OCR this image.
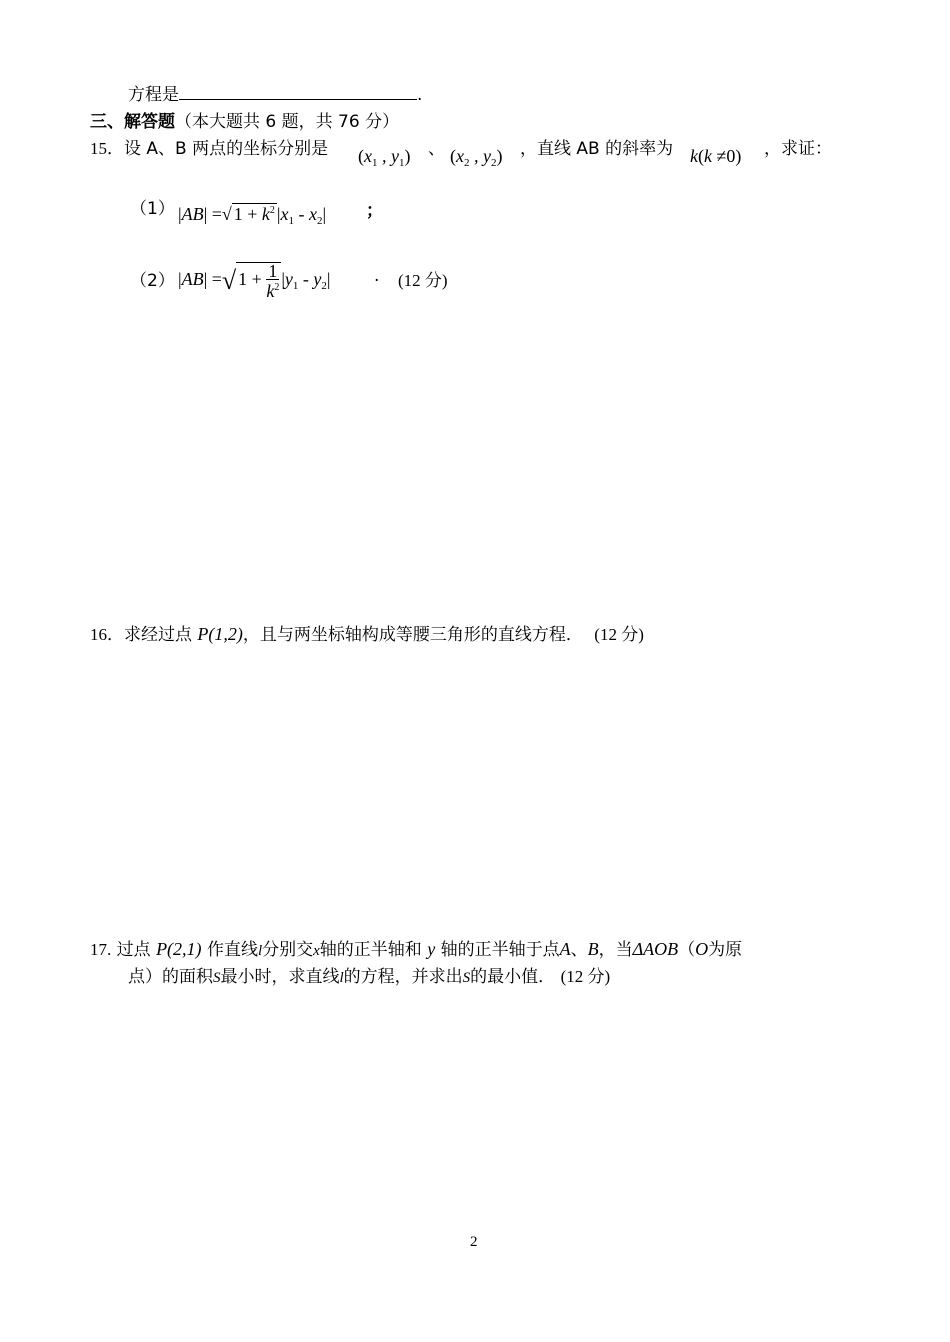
方程是	.
三、解答题（本大题共 6 题，共 76 分）
15．设 A、B 两点的坐标分别是 ($x_1$ , $y_1$) 、 ($x_2$ , $y_2$) ，直线 AB 的斜率为 k(k ≠0) ，求证：
（1） |AB| =√ $1 + k^2$ $|x_1 - x_2|$ ；
（2） |AB| =√ $1 + \frac{1}{k^2} |y_1 - y_2|$	. (12 分)
16．求经过点 P(1,2)，且与两坐标轴构成等腰三角形的直线方程． (12 分)
17. 过点 P(2,1) 作直线l分别交x轴的正半轴和 y 轴的正半轴于点A、B，当ΔAOB（O为原
点）的面积S最小时，求直线l的方程，并求出S的最小值． (12 分)
2
